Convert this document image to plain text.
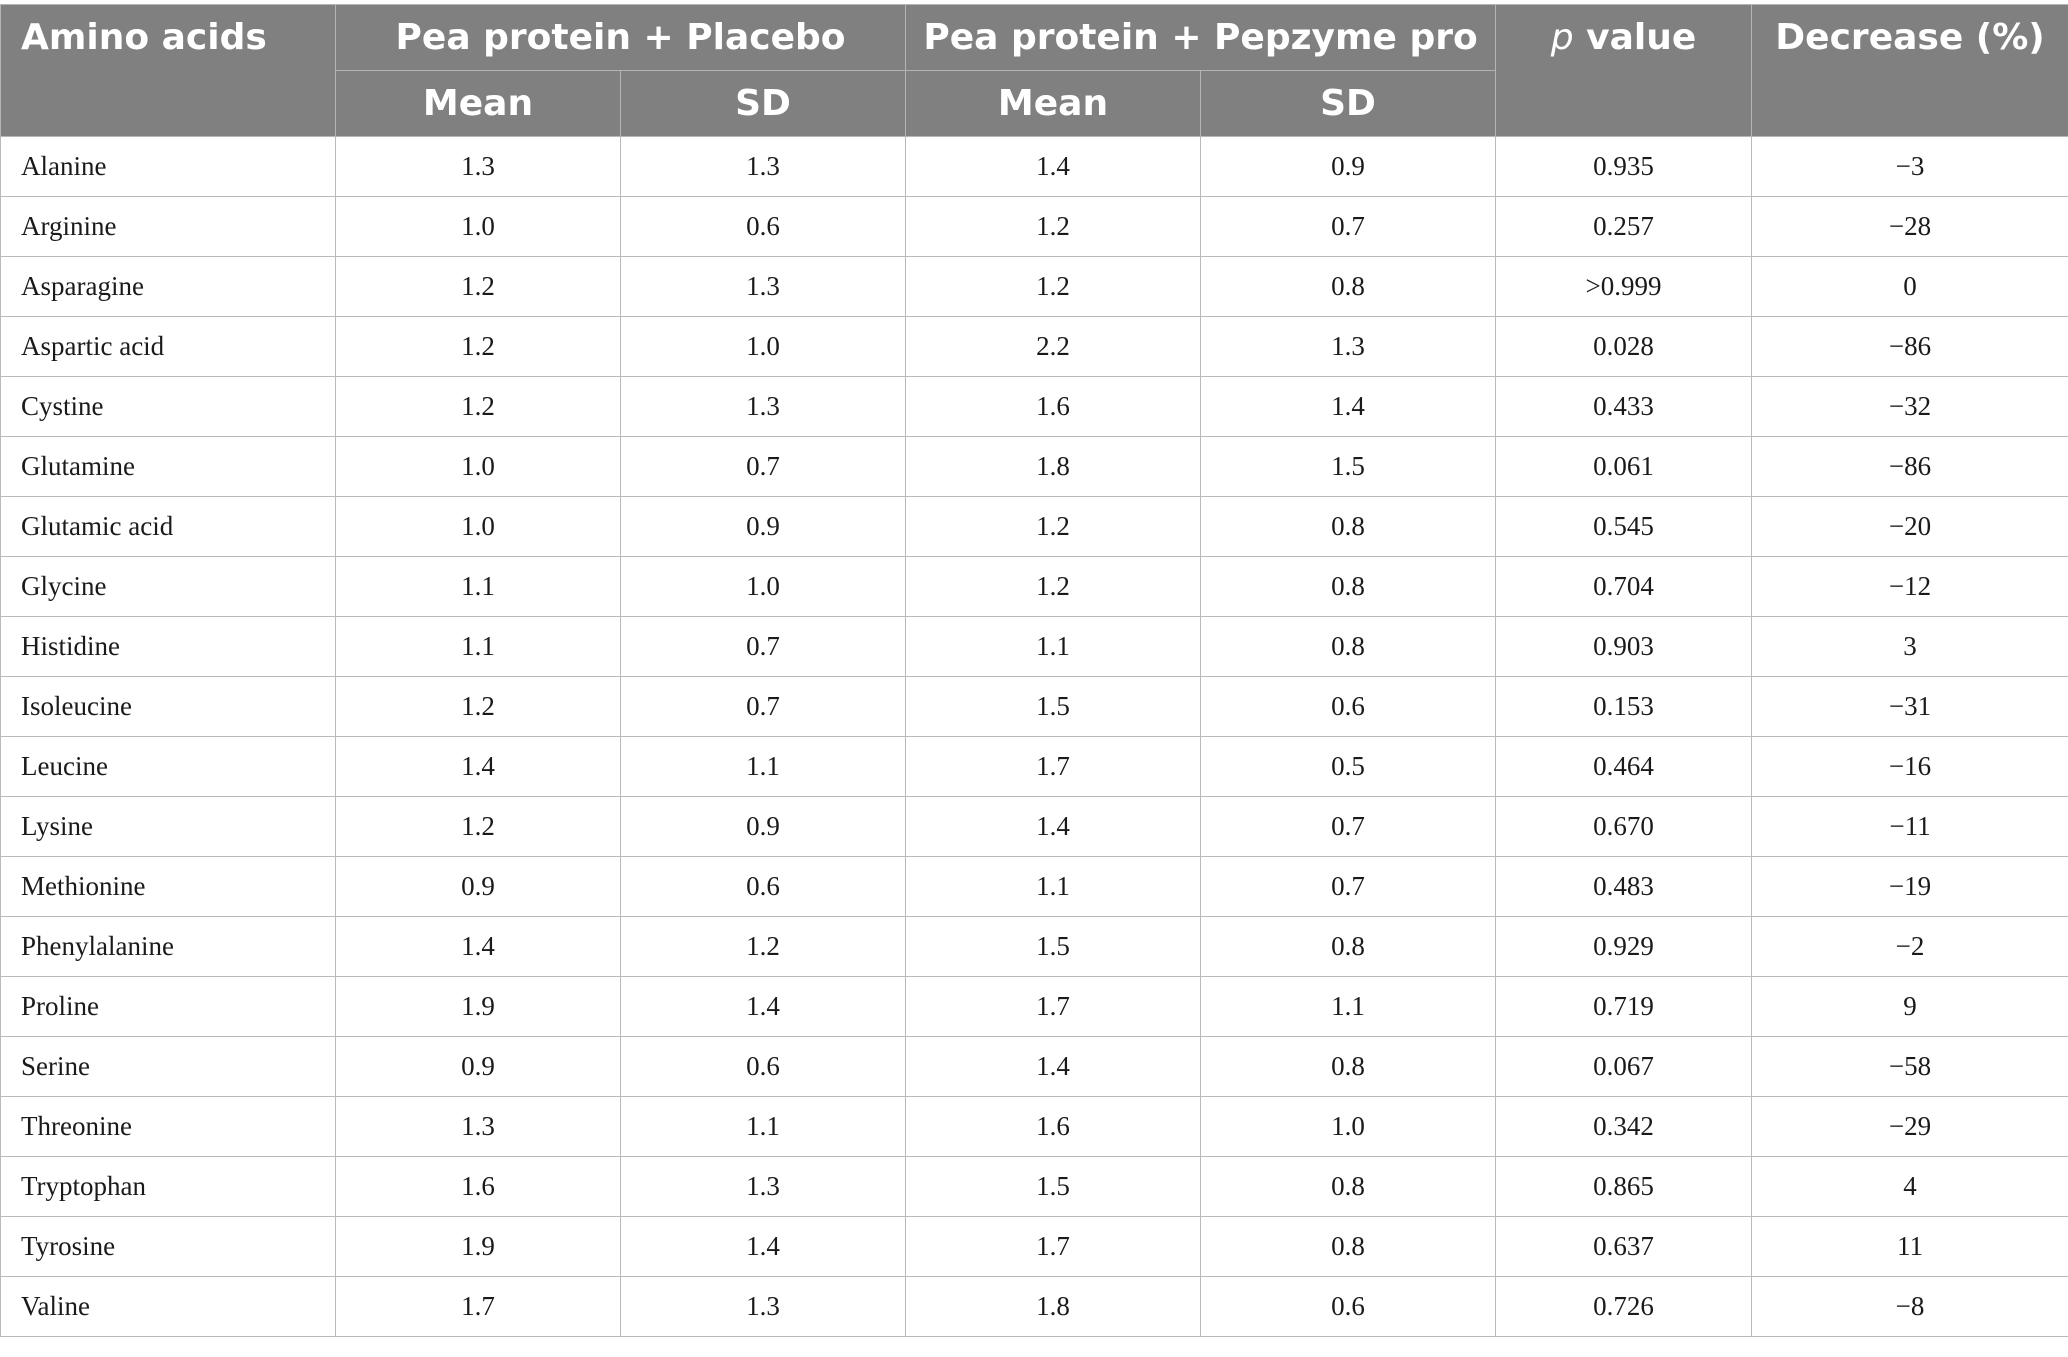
Amino acids	Pea protein + Placebo		Pea protein + Pepzyme pro		p value	Decrease (%)
	Mean	SD	Mean	SD		
Alanine	1.3	1.3	1.4	0.9	0.935	−3
Arginine	1.0	0.6	1.2	0.7	0.257	−28
Asparagine	1.2	1.3	1.2	0.8	>0.999	0
Aspartic acid	1.2	1.0	2.2	1.3	0.028	−86
Cystine	1.2	1.3	1.6	1.4	0.433	−32
Glutamine	1.0	0.7	1.8	1.5	0.061	−86
Glutamic acid	1.0	0.9	1.2	0.8	0.545	−20
Glycine	1.1	1.0	1.2	0.8	0.704	−12
Histidine	1.1	0.7	1.1	0.8	0.903	3
Isoleucine	1.2	0.7	1.5	0.6	0.153	−31
Leucine	1.4	1.1	1.7	0.5	0.464	−16
Lysine	1.2	0.9	1.4	0.7	0.670	−11
Methionine	0.9	0.6	1.1	0.7	0.483	−19
Phenylalanine	1.4	1.2	1.5	0.8	0.929	−2
Proline	1.9	1.4	1.7	1.1	0.719	9
Serine	0.9	0.6	1.4	0.8	0.067	−58
Threonine	1.3	1.1	1.6	1.0	0.342	−29
Tryptophan	1.6	1.3	1.5	0.8	0.865	4
Tyrosine	1.9	1.4	1.7	0.8	0.637	11
Valine	1.7	1.3	1.8	0.6	0.726	−8
